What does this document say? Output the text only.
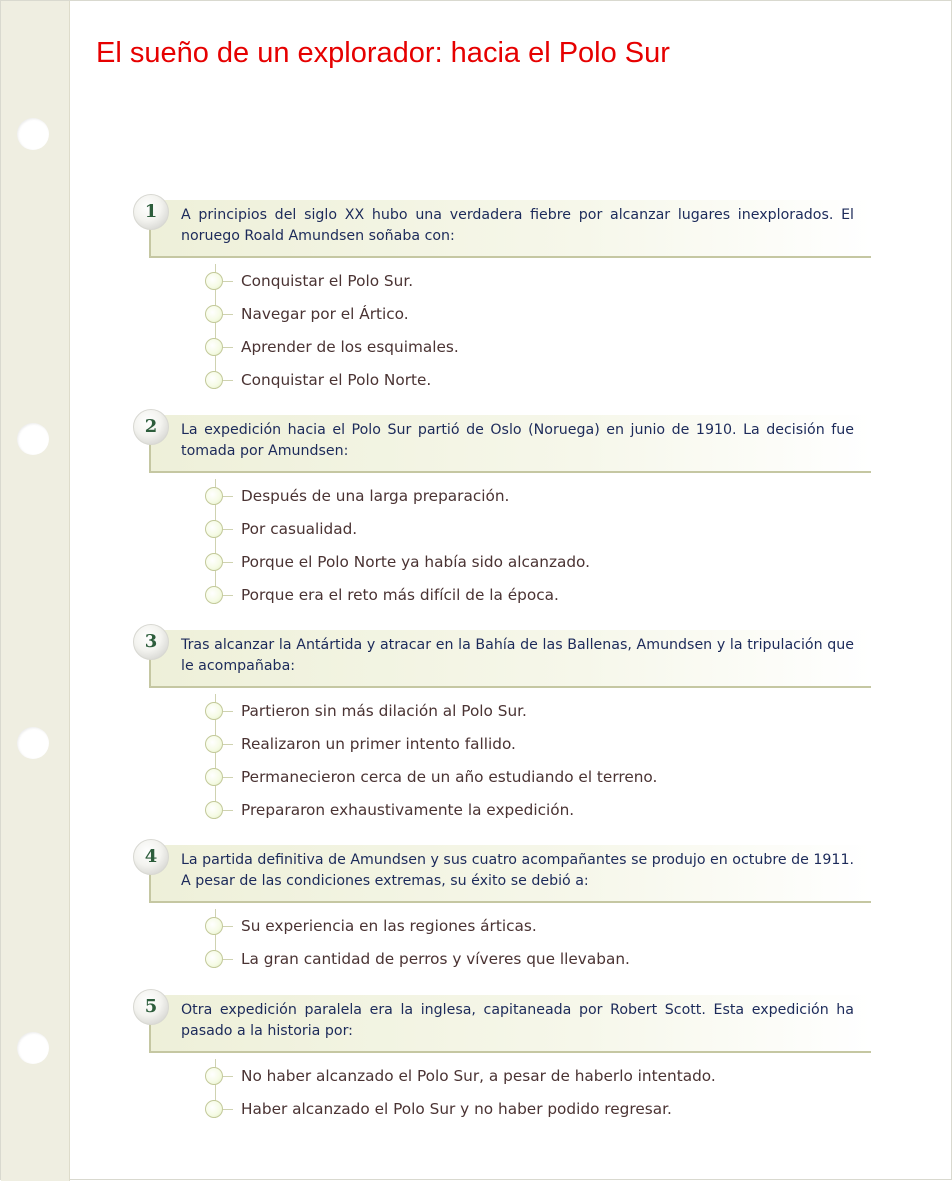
El sueño de un explorador: hacia el Polo Sur
1	A principios del siglo XX hubo una verdadera fiebre por alcanzar lugares inexplorados. El noruego Roald Amundsen soñaba con:

Conquistar el Polo Sur.
Navegar por el Ártico.
Aprender de los esquimales.
Conquistar el Polo Norte.
2	La expedición hacia el Polo Sur partió de Oslo (Noruega) en junio de 1910. La decisión fue tomada por Amundsen:

Después de una larga preparación.
Por casualidad.
Porque el Polo Norte ya había sido alcanzado.
Porque era el reto más difícil de la época.
3	Tras alcanzar la Antártida y atracar en la Bahía de las Ballenas, Amundsen y la tripulación que le acompañaba:

Partieron sin más dilación al Polo Sur.
Realizaron un primer intento fallido.
Permanecieron cerca de un año estudiando el terreno.
Prepararon exhaustivamente la expedición.
4	La partida definitiva de Amundsen y sus cuatro acompañantes se produjo en octubre de 1911. A pesar de las condiciones extremas, su éxito se debió a:

Su experiencia en las regiones árticas.
La gran cantidad de perros y víveres que llevaban.
5	Otra expedición paralela era la inglesa, capitaneada por Robert Scott. Esta expedición ha pasado a la historia por:

No haber alcanzado el Polo Sur, a pesar de haberlo intentado.
Haber alcanzado el Polo Sur y no haber podido regresar.
